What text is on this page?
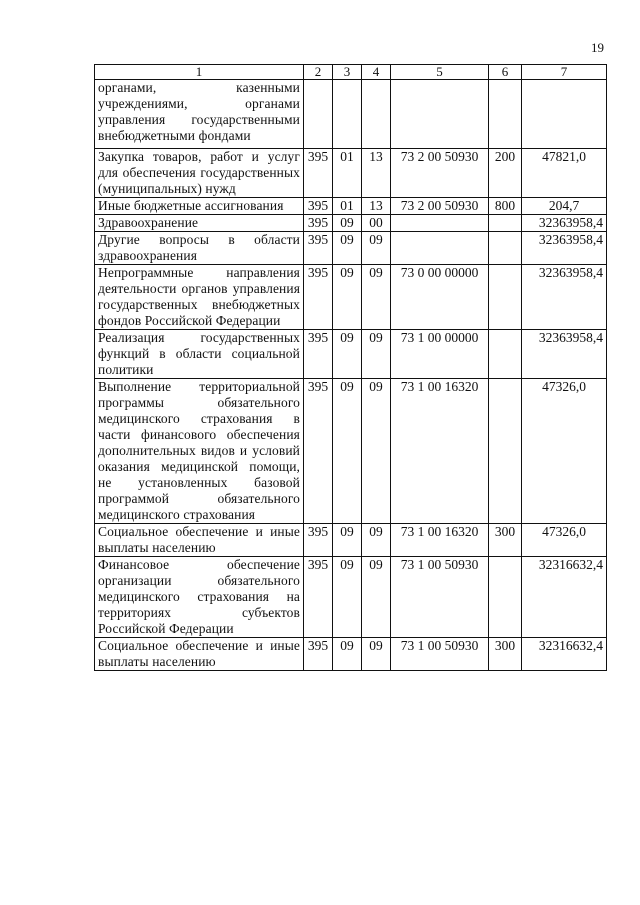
19
1	2	3	4	5	6	7
органами, казенными учреждениями, органами управления государственными внебюджетными фондами						
Закупка товаров, работ и услуг для обеспечения государственных (муниципальных) нужд	395	01	13	73 2 00 50930	200	47821,0
Иные бюджетные ассигнования	395	01	13	73 2 00 50930	800	204,7
Здравоохранение	395	09	00			32363958,4
Другие вопросы в области здравоохранения	395	09	09			32363958,4
Непрограммные направления деятельности органов управления государственных внебюджетных фондов Российской Федерации	395	09	09	73 0 00 00000		32363958,4
Реализация государственных функций в области социальной политики	395	09	09	73 1 00 00000		32363958,4
Выполнение территориальной программы обязательного медицинского страхования в части финансового обеспечения дополнительных видов и условий оказания медицинской помощи, не установленных базовой программой обязательного медицинского страхования	395	09	09	73 1 00 16320		47326,0
Социальное обеспечение и иные выплаты населению	395	09	09	73 1 00 16320	300	47326,0
Финансовое обеспечение организации обязательного медицинского страхования на территориях субъектов Российской Федерации	395	09	09	73 1 00 50930		32316632,4
Социальное обеспечение и иные выплаты населению	395	09	09	73 1 00 50930	300	32316632,4
